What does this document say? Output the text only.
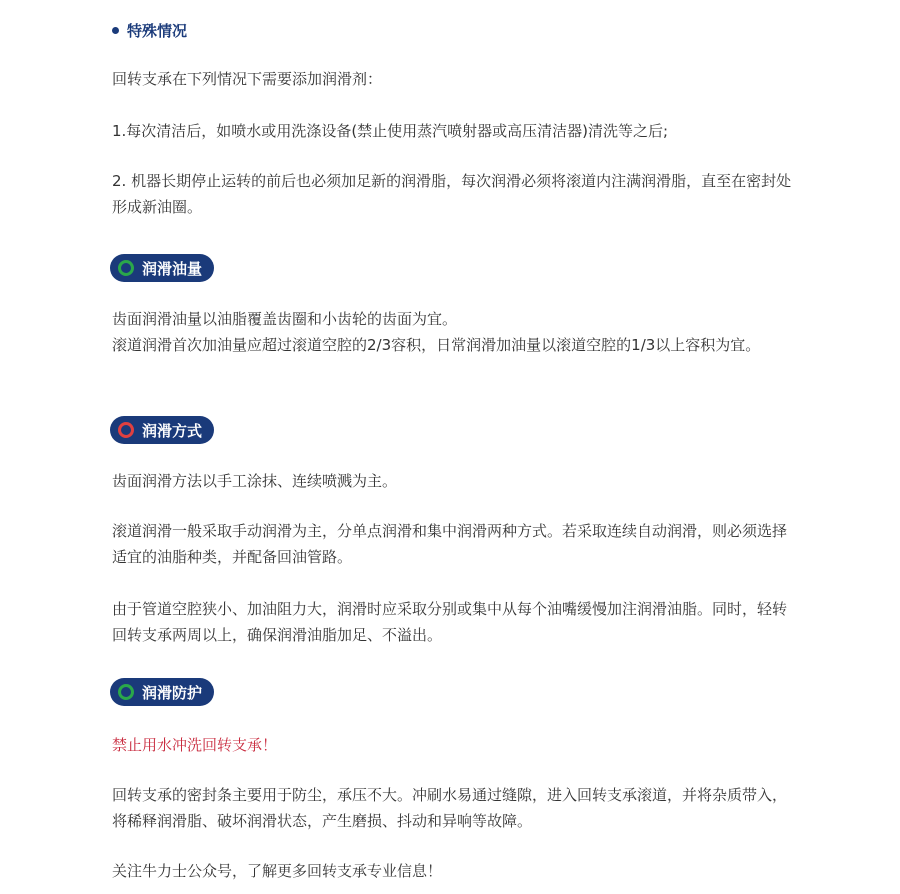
特殊情况

回转支承在下列情况下需要添加润滑剂：

1.每次清洁后，如喷水或用洗涤设备(禁止使用蒸汽喷射器或高压清洁器)清洗等之后;

2. 机器长期停止运转的前后也必须加足新的润滑脂，每次润滑必须将滚道内注满润滑脂，直至在密封处形成新油圈。

润滑油量

齿面润滑油量以油脂覆盖齿圈和小齿轮的齿面为宜。

滚道润滑首次加油量应超过滚道空腔的2/3容积，日常润滑加油量以滚道空腔的1/3以上容积为宜。

润滑方式

齿面润滑方法以手工涂抹、连续喷溅为主。

滚道润滑一般采取手动润滑为主，分单点润滑和集中润滑两种方式。若采取连续自动润滑，则必须选择适宜的油脂种类，并配备回油管路。

由于管道空腔狭小、加油阻力大，润滑时应采取分别或集中从每个油嘴缓慢加注润滑油脂。同时，轻转回转支承两周以上，确保润滑油脂加足、不溢出。

润滑防护

禁止用水冲洗回转支承！

回转支承的密封条主要用于防尘，承压不大。冲刷水易通过缝隙，进入回转支承滚道，并将杂质带入，将稀释润滑脂、破坏润滑状态，产生磨损、抖动和异响等故障。

关注牛力士公众号，了解更多回转支承专业信息！
